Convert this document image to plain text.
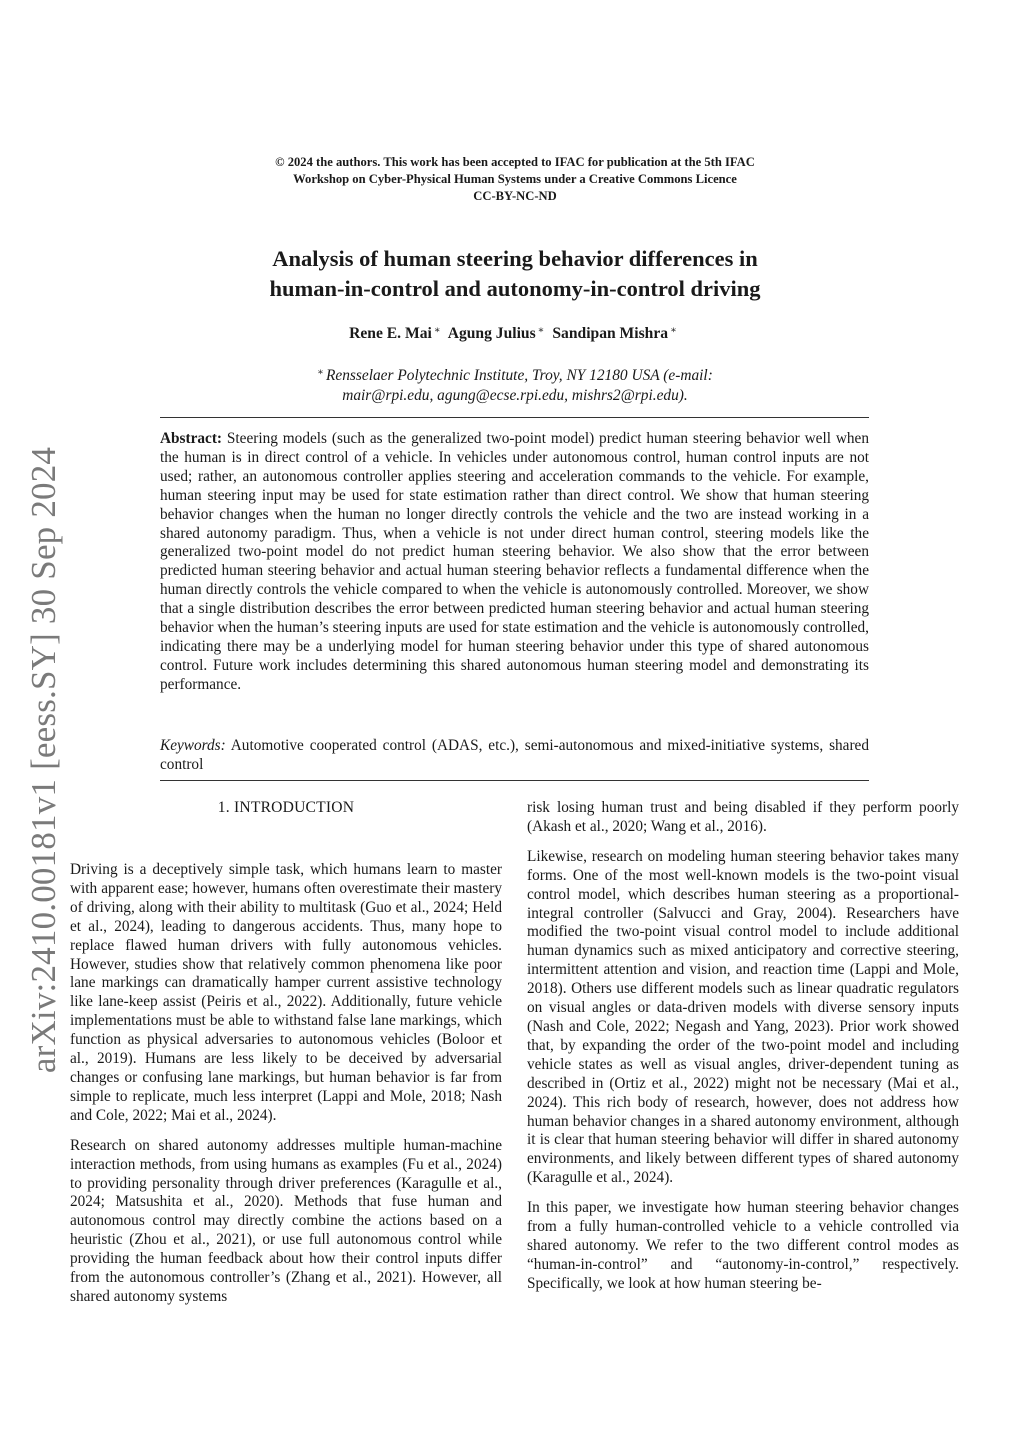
arXiv:2410.00181v1 [eess.SY] 30 Sep 2024
© 2024 the authors. This work has been accepted to IFAC for publication at the 5th IFAC
Workshop on Cyber-Physical Human Systems under a Creative Commons Licence
CC-BY-NC-ND
Analysis of human steering behavior differences in
human-in-control and autonomy-in-control driving
Rene E. Mai ∗ Agung Julius ∗ Sandipan Mishra ∗
∗ Rensselaer Polytechnic Institute, Troy, NY 12180 USA (e-mail:
mair@rpi.edu, agung@ecse.rpi.edu, mishrs2@rpi.edu).
Abstract: Steering models (such as the generalized two-point model) predict human steering behavior well when the human is in direct control of a vehicle. In vehicles under autonomous control, human control inputs are not used; rather, an autonomous controller applies steering and acceleration commands to the vehicle. For example, human steering input may be used for state estimation rather than direct control. We show that human steering behavior changes when the human no longer directly controls the vehicle and the two are instead working in a shared autonomy paradigm. Thus, when a vehicle is not under direct human control, steering models like the generalized two-point model do not predict human steering behavior. We also show that the error between predicted human steering behavior and actual human steering behavior reflects a fundamental difference when the human directly controls the vehicle compared to when the vehicle is autonomously controlled. Moreover, we show that a single distribution describes the error between predicted human steering behavior and actual human steering behavior when the human’s steering inputs are used for state estimation and the vehicle is autonomously controlled, indicating there may be a underlying model for human steering behavior under this type of shared autonomous control. Future work includes determining this shared autonomous human steering model and demonstrating its performance.
Keywords: Automotive cooperated control (ADAS, etc.), semi-autonomous and mixed-initiative systems, shared control
1. INTRODUCTION

Driving is a deceptively simple task, which humans learn to master with apparent ease; however, humans often overestimate their mastery of driving, along with their ability to multitask (Guo et al., 2024; Held et al., 2024), leading to dangerous accidents. Thus, many hope to replace flawed human drivers with fully autonomous vehicles. However, studies show that relatively common phenomena like poor lane markings can dramatically hamper current assistive technology like lane-keep assist (Peiris et al., 2022). Additionally, future vehicle implementations must be able to withstand false lane markings, which function as physical adversaries to autonomous vehicles (Boloor et al., 2019). Humans are less likely to be deceived by adversarial changes or confusing lane markings, but human behavior is far from simple to replicate, much less interpret (Lappi and Mole, 2018; Nash and Cole, 2022; Mai et al., 2024).

Research on shared autonomy addresses multiple human-machine interaction methods, from using humans as examples (Fu et al., 2024) to providing personality through driver preferences (Karagulle et al., 2024; Matsushita et al., 2020). Methods that fuse human and autonomous control may directly combine the actions based on a heuristic (Zhou et al., 2021), or use full autonomous control while providing the human feedback about how their control inputs differ from the autonomous controller’s (Zhang et al., 2021). However, all shared autonomy systems

risk losing human trust and being disabled if they perform poorly (Akash et al., 2020; Wang et al., 2016).

Likewise, research on modeling human steering behavior takes many forms. One of the most well-known models is the two-point visual control model, which describes human steering as a proportional-integral controller (Salvucci and Gray, 2004). Researchers have modified the two-point visual control model to include additional human dynamics such as mixed anticipatory and corrective steering, intermittent attention and vision, and reaction time (Lappi and Mole, 2018). Others use different models such as linear quadratic regulators on visual angles or data-driven models with diverse sensory inputs (Nash and Cole, 2022; Negash and Yang, 2023). Prior work showed that, by expanding the order of the two-point model and including vehicle states as well as visual angles, driver-dependent tuning as described in (Ortiz et al., 2022) might not be necessary (Mai et al., 2024). This rich body of research, however, does not address how human behavior changes in a shared autonomy environment, although it is clear that human steering behavior will differ in shared autonomy environments, and likely between different types of shared autonomy (Karagulle et al., 2024).

In this paper, we investigate how human steering behavior changes from a fully human-controlled vehicle to a vehicle controlled via shared autonomy. We refer to the two different control modes as “human-in-control” and “autonomy-in-control,” respectively. Specifically, we look at how human steering be-
